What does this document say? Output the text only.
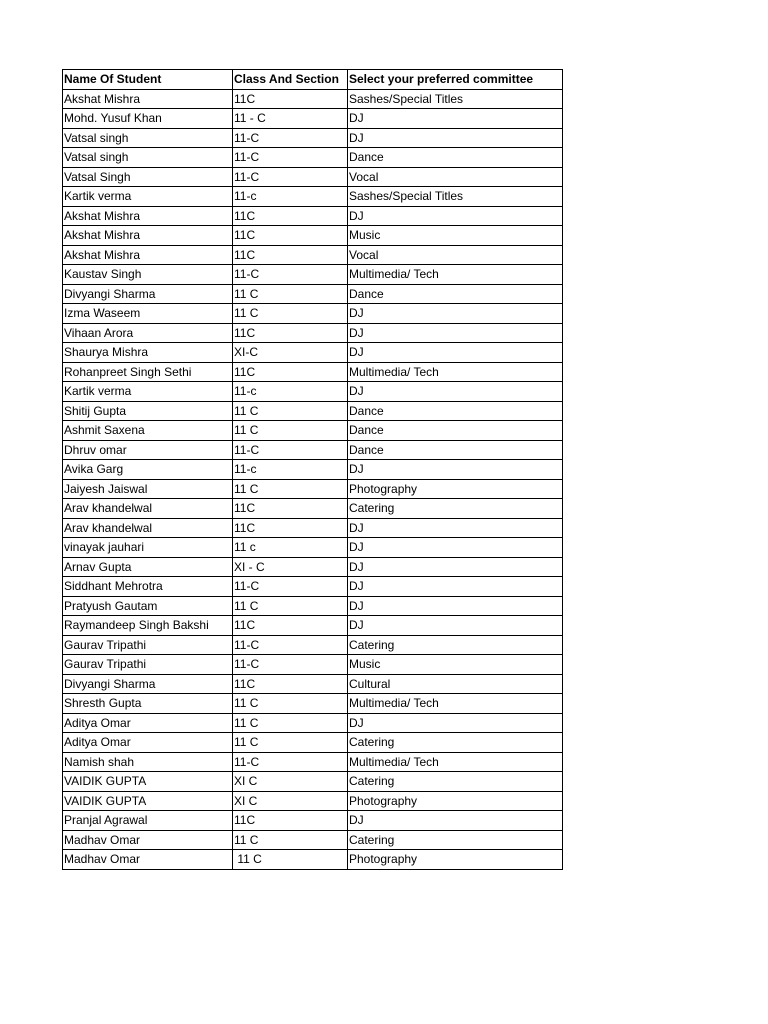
Name Of Student	Class And Section	Select your preferred committee
Akshat Mishra	11C	Sashes/Special Titles
Mohd. Yusuf Khan	11 - C	DJ
Vatsal singh	11-C	DJ
Vatsal singh	11-C	Dance
Vatsal Singh	11-C	Vocal
Kartik verma	11-c	Sashes/Special Titles
Akshat Mishra	11C	DJ
Akshat Mishra	11C	Music
Akshat Mishra	11C	Vocal
Kaustav Singh	11-C	Multimedia/ Tech
Divyangi Sharma	11 C	Dance
Izma Waseem	11 C	DJ
Vihaan Arora	11C	DJ
Shaurya Mishra	XI-C	DJ
Rohanpreet Singh Sethi	11C	Multimedia/ Tech
Kartik verma	11-c	DJ
Shitij Gupta	11 C	Dance
Ashmit Saxena	11 C	Dance
Dhruv omar	11-C	Dance
Avika Garg	11-c	DJ
Jaiyesh Jaiswal	11 C	Photography
Arav khandelwal	11C	Catering
Arav khandelwal	11C	DJ
vinayak jauhari	11 c	DJ
Arnav Gupta	XI - C	DJ
Siddhant Mehrotra	11-C	DJ
Pratyush Gautam	11 C	DJ
Raymandeep Singh Bakshi	11C	DJ
Gaurav Tripathi	11-C	Catering
Gaurav Tripathi	11-C	Music
Divyangi Sharma	11C	Cultural
Shresth Gupta	11 C	Multimedia/ Tech
Aditya Omar	11 C	DJ
Aditya Omar	11 C	Catering
Namish shah	11-C	Multimedia/ Tech
VAIDIK GUPTA	XI C	Catering
VAIDIK GUPTA	XI C	Photography
Pranjal Agrawal	11C	DJ
Madhav Omar	11 C	Catering
Madhav Omar	11 C	Photography
